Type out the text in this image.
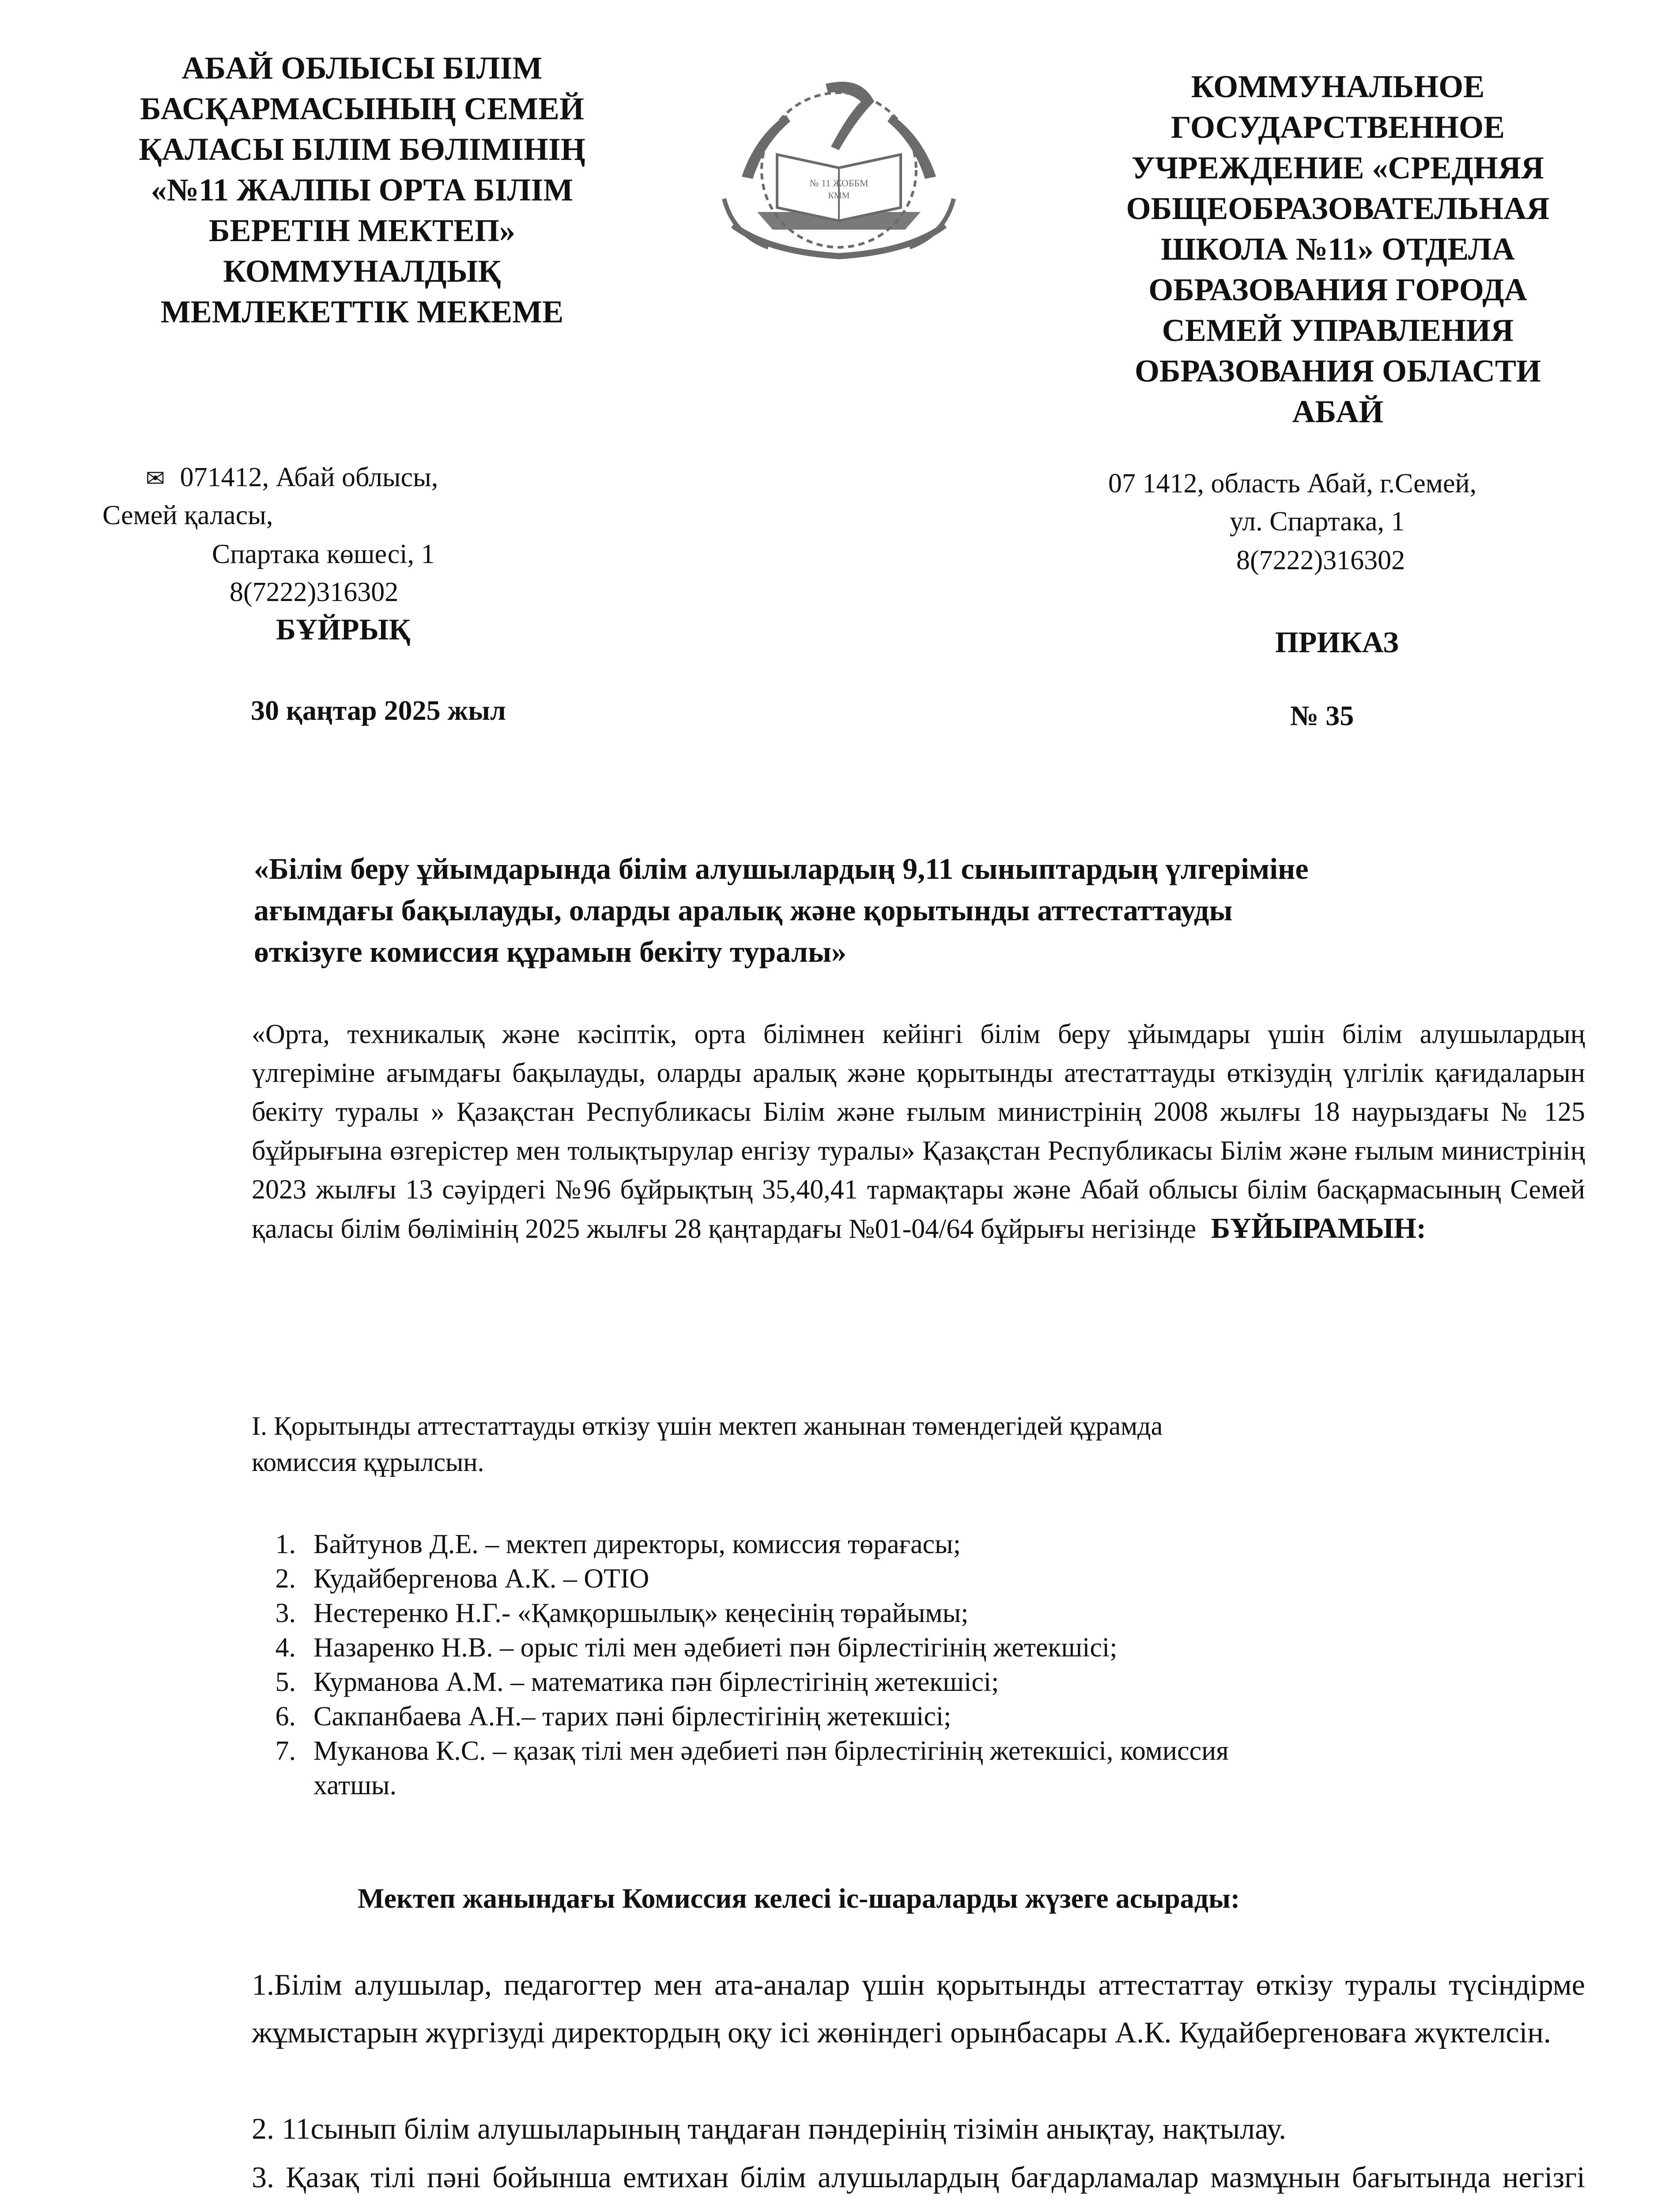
АБАЙ ОБЛЫСЫ БІЛІМ
БАСҚАРМАСЫНЫҢ СЕМЕЙ
ҚАЛАСЫ БІЛІМ БӨЛІМІНІҢ
«№11 ЖАЛПЫ ОРТА БІЛІМ
БЕРЕТІН МЕКТЕП»
КОММУНАЛДЫҚ
МЕМЛЕКЕТТІК МЕКЕМЕ
№ 11 ЖОББМ
КММ
КОММУНАЛЬНОЕ
ГОСУДАРСТВЕННОЕ
УЧРЕЖДЕНИЕ «СРЕДНЯЯ
ОБЩЕОБРАЗОВАТЕЛЬНАЯ
ШКОЛА №11» ОТДЕЛА
ОБРАЗОВАНИЯ ГОРОДА
СЕМЕЙ УПРАВЛЕНИЯ
ОБРАЗОВАНИЯ ОБЛАСТИ
АБАЙ
✉ 071412, Абай облысы,
Семей қаласы,
Спартака көшесі, 1
8(7222)316302
07 1412, область Абай, г.Семей,
ул. Спартака, 1
8(7222)316302
БҰЙРЫҚ	ПРИКАЗ
30 қаңтар 2025 жыл	№ 35
«Білім беру ұйымдарында білім алушылардың 9,11 сыныптардың үлгеріміне
ағымдағы бақылауды, оларды аралық және қорытынды аттестаттауды
өткізуге комиссия құрамын бекіту туралы»
«Орта, техникалық және кәсіптік, орта білімнен кейінгі білім беру ұйымдары үшін білім алушылардың үлгеріміне ағымдағы бақылауды, оларды аралық және қорытынды атестаттауды өткізудің үлгілік қағидаларын бекіту туралы » Қазақстан Республикасы Білім және ғылым министрінің 2008 жылғы 18 наурыздағы № 125 бұйрығына өзгерістер мен толықтырулар енгізу туралы» Қазақстан Республикасы Білім және ғылым министрінің 2023 жылғы 13 сәуірдегі №96 бұйрықтың 35,40,41 тармақтары және Абай облысы білім басқармасының Семей қаласы білім бөлімінің 2025 жылғы 28 қаңтардағы №01-04/64 бұйрығы негізінде БҰЙЫРАМЫН:
І. Қорытынды аттестаттауды өткізу үшін мектеп жанынан төмендегідей құрамда
комиссия құрылсын.
1. Байтунов Д.Е. – мектеп директоры, комиссия төрағасы;
2. Кудайбергенова А.К. – ОТІО
3. Нестеренко Н.Г.- «Қамқоршылық» кеңесінің төрайымы;
4. Назаренко Н.В. – орыс тілі мен әдебиеті пән бірлестігінің жетекшісі;
5. Курманова А.М. – математика пән бірлестігінің жетекшісі;
6. Сакпанбаева А.Н.– тарих пәні бірлестігінің жетекшісі;
7. Муканова К.С. – қазақ тілі мен әдебиеті пән бірлестігінің жетекшісі, комиссия
хатшы.
Мектеп жанындағы Комиссия келесі іс-шараларды жүзеге асырады:
1.Білім алушылар, педагогтер мен ата-аналар үшін қорытынды аттестаттау өткізу туралы түсіндірме жұмыстарын жүргізуді директордың оқу ісі жөніндегі орынбасары А.К. Кудайбергеноваға жүктелсін.
2. 11сынып білім алушыларының таңдаған пәндерінің тізімін анықтау, нақтылау.
3. Қазақ тілі пәні бойынша емтихан білім алушылардың бағдарламалар мазмұнын бағытында негізгі
